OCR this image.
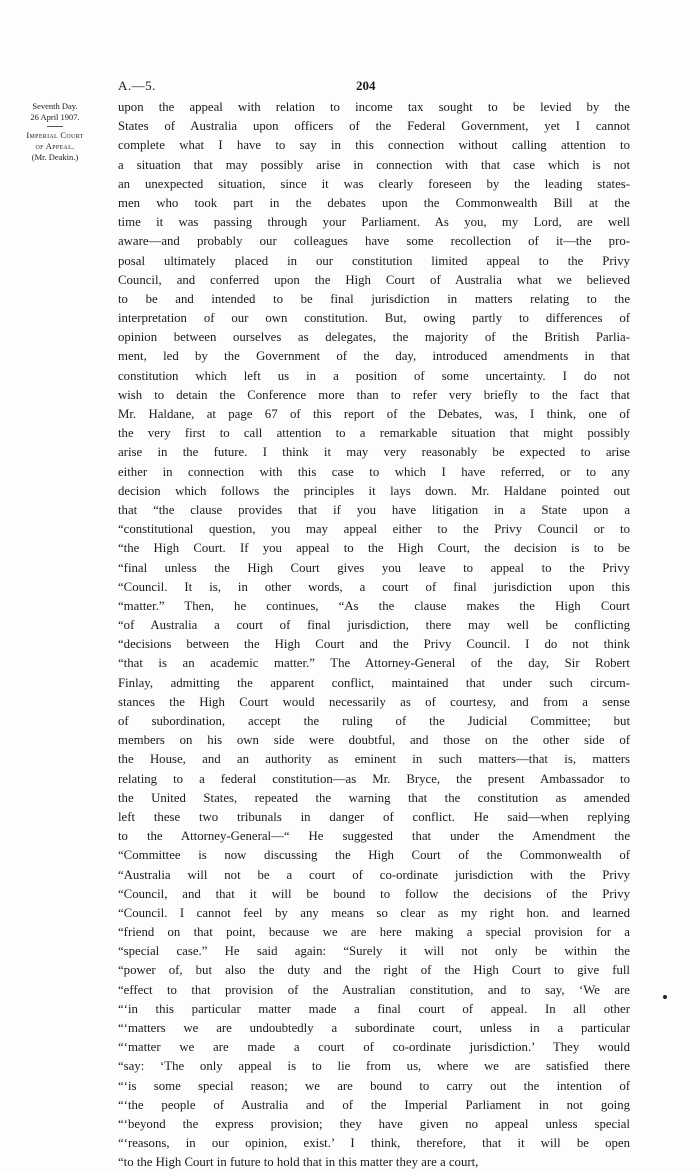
A.—5.	204
Seventh Day.
26 April 1907.
Imperial Court
of Appeal.
(Mr. Deakin.)
upon the appeal with relation to income tax sought to be levied by the
States of Australia upon officers of the Federal Government, yet I cannot
complete what I have to say in this connection without calling attention to
a situation that may possibly arise in connection with that case which is not
an unexpected situation, since it was clearly foreseen by the leading states-
men who took part in the debates upon the Commonwealth Bill at the
time it was passing through your Parliament. As you, my Lord, are well
aware—and probably our colleagues have some recollection of it—the pro-
posal ultimately placed in our constitution limited appeal to the Privy
Council, and conferred upon the High Court of Australia what we believed
to be and intended to be final jurisdiction in matters relating to the
interpretation of our own constitution. But, owing partly to differences of
opinion between ourselves as delegates, the majority of the British Parlia-
ment, led by the Government of the day, introduced amendments in that
constitution which left us in a position of some uncertainty. I do not
wish to detain the Conference more than to refer very briefly to the fact that
Mr. Haldane, at page 67 of this report of the Debates, was, I think, one of
the very first to call attention to a remarkable situation that might possibly
arise in the future. I think it may very reasonably be expected to arise
either in connection with this case to which I have referred, or to any
decision which follows the principles it lays down. Mr. Haldane pointed out
that “the clause provides that if you have litigation in a State upon a
“constitutional question, you may appeal either to the Privy Council or to
“the High Court. If you appeal to the High Court, the decision is to be
“final unless the High Court gives you leave to appeal to the Privy
“Council. It is, in other words, a court of final jurisdiction upon this
“matter.” Then, he continues, “As the clause makes the High Court
“of Australia a court of final jurisdiction, there may well be conflicting
“decisions between the High Court and the Privy Council. I do not think
“that is an academic matter.” The Attorney-General of the day, Sir Robert
Finlay, admitting the apparent conflict, maintained that under such circum-
stances the High Court would necessarily as of courtesy, and from a sense
of subordination, accept the ruling of the Judicial Committee; but
members on his own side were doubtful, and those on the other side of
the House, and an authority as eminent in such matters—that is, matters
relating to a federal constitution—as Mr. Bryce, the present Ambassador to
the United States, repeated the warning that the constitution as amended
left these two tribunals in danger of conflict. He said—when replying
to the Attorney-General—“ He suggested that under the Amendment the
“Committee is now discussing the High Court of the Commonwealth of
“Australia will not be a court of co-ordinate jurisdiction with the Privy
“Council, and that it will be bound to follow the decisions of the Privy
“Council. I cannot feel by any means so clear as my right hon. and learned
“friend on that point, because we are here making a special provision for a
“special case.” He said again: “Surely it will not only be within the
“power of, but also the duty and the right of the High Court to give full
“effect to that provision of the Australian constitution, and to say, ‘We are
“‘in this particular matter made a final court of appeal. In all other
“‘matters we are undoubtedly a subordinate court, unless in a particular
“‘matter we are made a court of co-ordinate jurisdiction.’ They would
“say: ‘The only appeal is to lie from us, where we are satisfied there
“‘is some special reason; we are bound to carry out the intention of
“‘the people of Australia and of the Imperial Parliament in not going
“‘beyond the express provision; they have given no appeal unless special
“‘reasons, in our opinion, exist.’ I think, therefore, that it will be open
“to the High Court in future to hold that in this matter they are a court,
